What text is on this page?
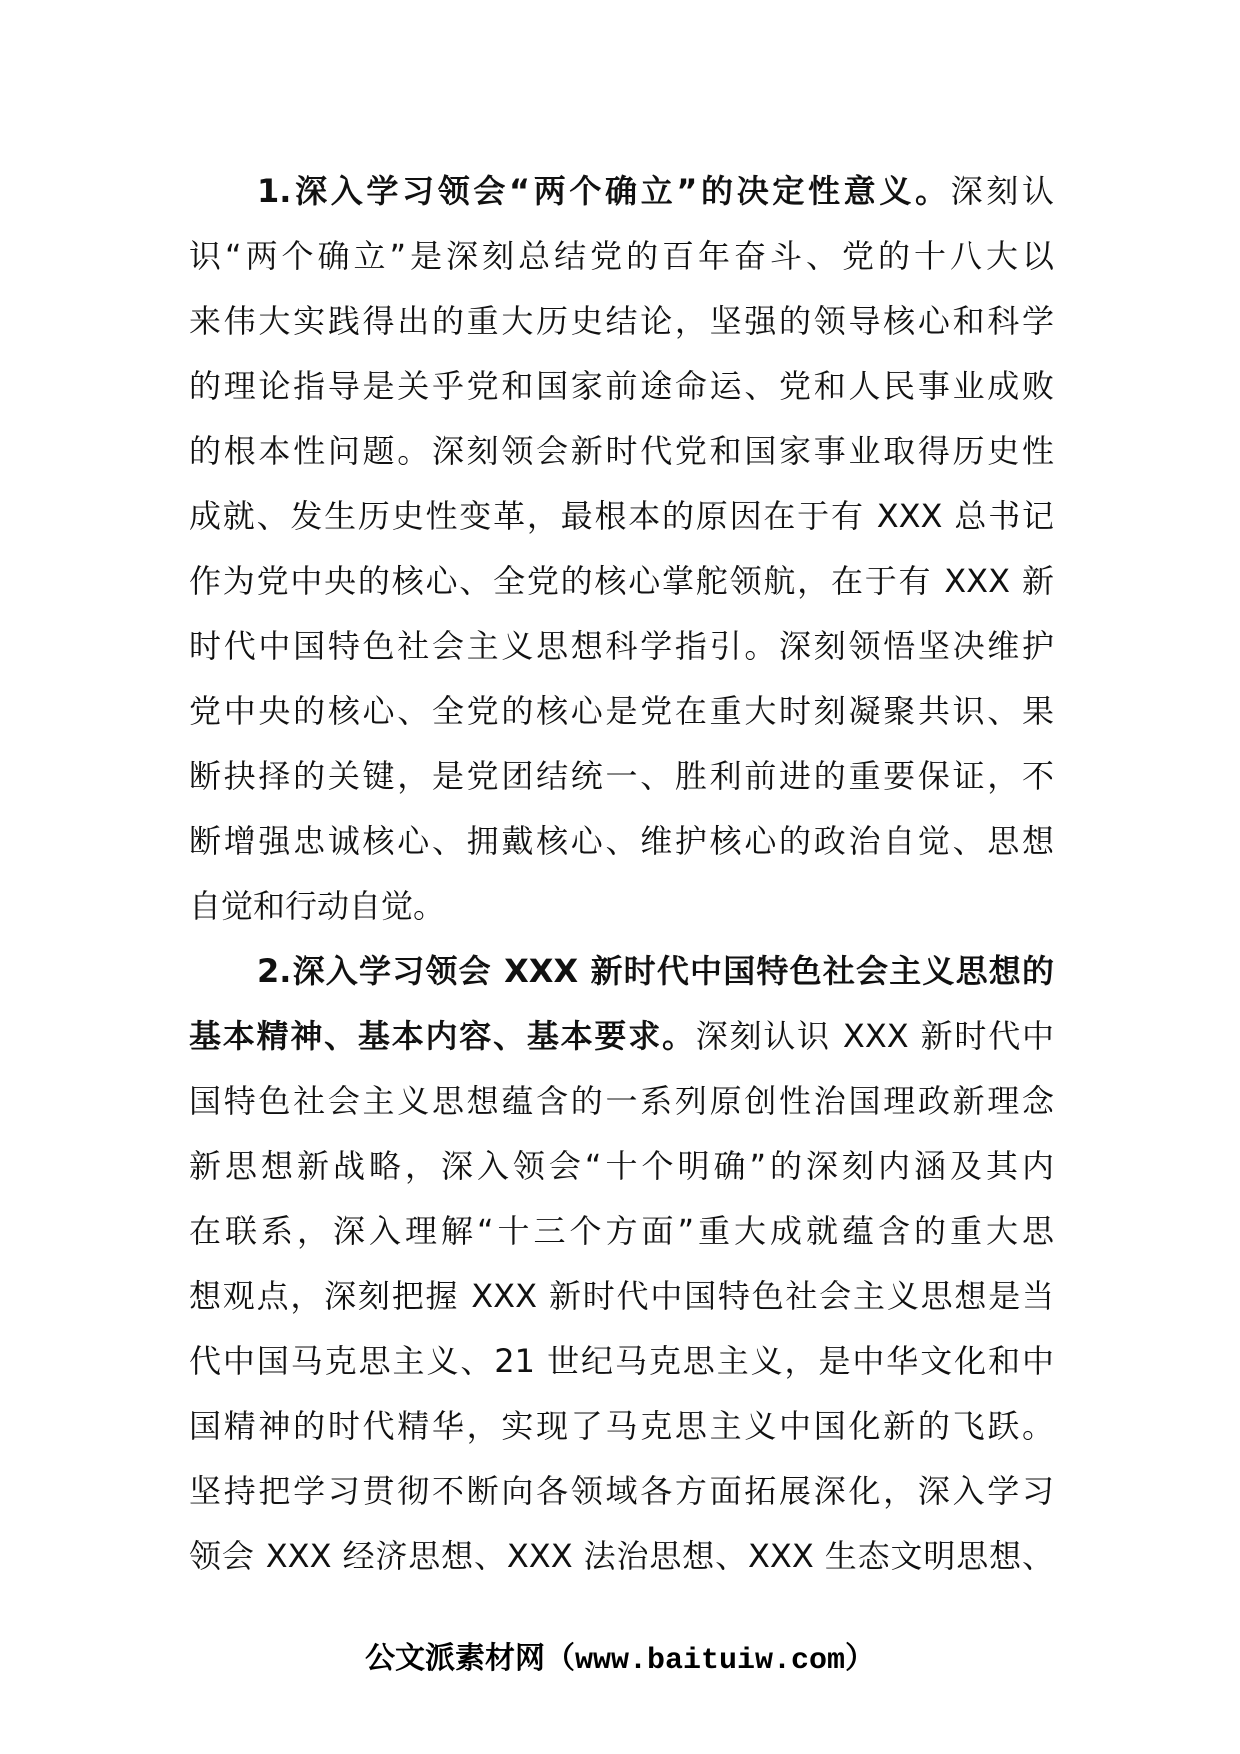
1.深入学习领会“两个确立”的决定性意义。深刻认
识“两个确立”是深刻总结党的百年奋斗、党的十八大以
来伟大实践得出的重大历史结论，坚强的领导核心和科学
的理论指导是关乎党和国家前途命运、党和人民事业成败
的根本性问题。深刻领会新时代党和国家事业取得历史性
成就、发生历史性变革，最根本的原因在于有 XXX 总书记
作为党中央的核心、全党的核心掌舵领航，在于有 XXX 新
时代中国特色社会主义思想科学指引。深刻领悟坚决维护
党中央的核心、全党的核心是党在重大时刻凝聚共识、果
断抉择的关键，是党团结统一、胜利前进的重要保证，不
断增强忠诚核心、拥戴核心、维护核心的政治自觉、思想
自觉和行动自觉。
2.深入学习领会 XXX 新时代中国特色社会主义思想的
基本精神、基本内容、基本要求。深刻认识 XXX 新时代中
国特色社会主义思想蕴含的一系列原创性治国理政新理念
新思想新战略，深入领会“十个明确”的深刻内涵及其内
在联系，深入理解“十三个方面”重大成就蕴含的重大思
想观点，深刻把握 XXX 新时代中国特色社会主义思想是当
代中国马克思主义、21 世纪马克思主义，是中华文化和中
国精神的时代精华，实现了马克思主义中国化新的飞跃。
坚持把学习贯彻不断向各领域各方面拓展深化，深入学习
领会 XXX 经济思想、XXX 法治思想、XXX 生态文明思想、
公文派素材网（www.baituiw.com）
